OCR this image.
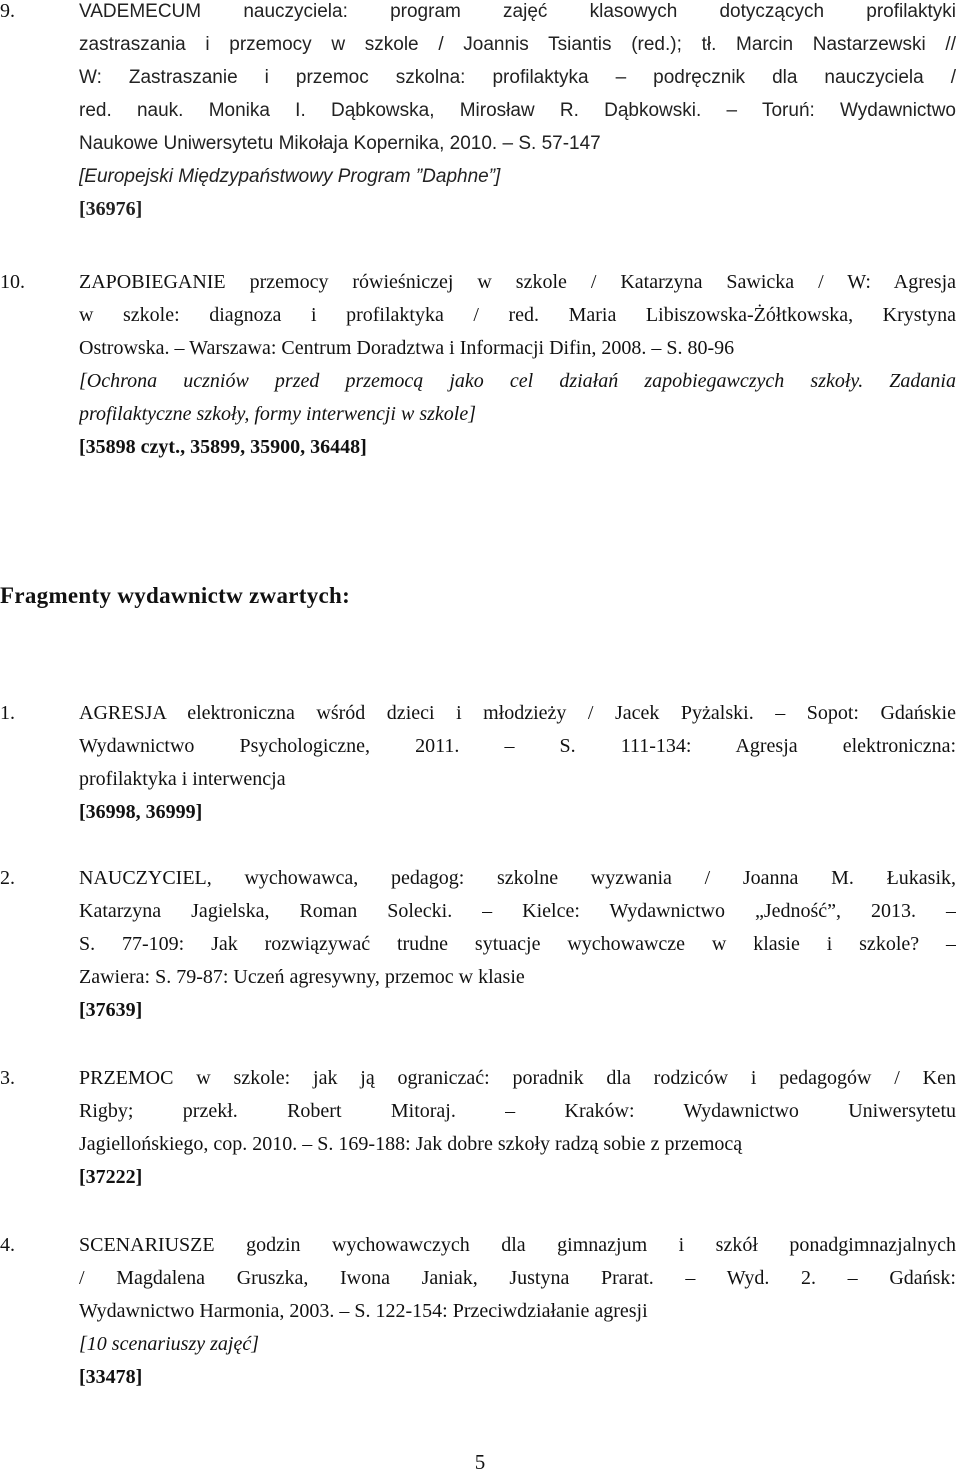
9.	VADEMECUM nauczyciela: program zajęć klasowych dotyczących profilaktyki
zastraszania i przemocy w szkole / Joannis Tsiantis (red.); tł. Marcin Nastarzewski //
W: Zastraszanie i przemoc szkolna: profilaktyka – podręcznik dla nauczyciela /
red. nauk. Monika I. Dąbkowska, Mirosław R. Dąbkowski. – Toruń: Wydawnictwo
Naukowe Uniwersytetu Mikołaja Kopernika, 2010. – S. 57-147
[Europejski Międzypaństwowy Program ”Daphne”]
[36976]
10.	ZAPOBIEGANIE przemocy rówieśniczej w szkole / Katarzyna Sawicka / W: Agresja
w szkole: diagnoza i profilaktyka / red. Maria Libiszowska-Żółtkowska, Krystyna
Ostrowska. – Warszawa: Centrum Doradztwa i Informacji Difin, 2008. – S. 80-96
[Ochrona uczniów przed przemocą jako cel działań zapobiegawczych szkoły. Zadania
profilaktyczne szkoły, formy interwencji w szkole]
[35898 czyt., 35899, 35900, 36448]
Fragmenty wydawnictw zwartych:
1.	AGRESJA elektroniczna wśród dzieci i młodzieży / Jacek Pyżalski. – Sopot: Gdańskie
Wydawnictwo Psychologiczne, 2011. – S. 111-134: Agresja elektroniczna:
profilaktyka i interwencja
[36998, 36999]
2.	NAUCZYCIEL, wychowawca, pedagog: szkolne wyzwania / Joanna M. Łukasik,
Katarzyna Jagielska, Roman Solecki. – Kielce: Wydawnictwo „Jedność”, 2013. –
S. 77-109: Jak rozwiązywać trudne sytuacje wychowawcze w klasie i szkole? –
Zawiera: S. 79-87: Uczeń agresywny, przemoc w klasie
[37639]
3.	PRZEMOC w szkole: jak ją ograniczać: poradnik dla rodziców i pedagogów / Ken
Rigby; przekł. Robert Mitoraj. – Kraków: Wydawnictwo Uniwersytetu
Jagiellońskiego, cop. 2010. – S. 169-188: Jak dobre szkoły radzą sobie z przemocą
[37222]
4.	SCENARIUSZE godzin wychowawczych dla gimnazjum i szkół ponadgimnazjalnych
/ Magdalena Gruszka, Iwona Janiak, Justyna Prarat. – Wyd. 2. – Gdańsk:
Wydawnictwo Harmonia, 2003. – S. 122-154: Przeciwdziałanie agresji
[10 scenariuszy zajęć]
[33478]
5
